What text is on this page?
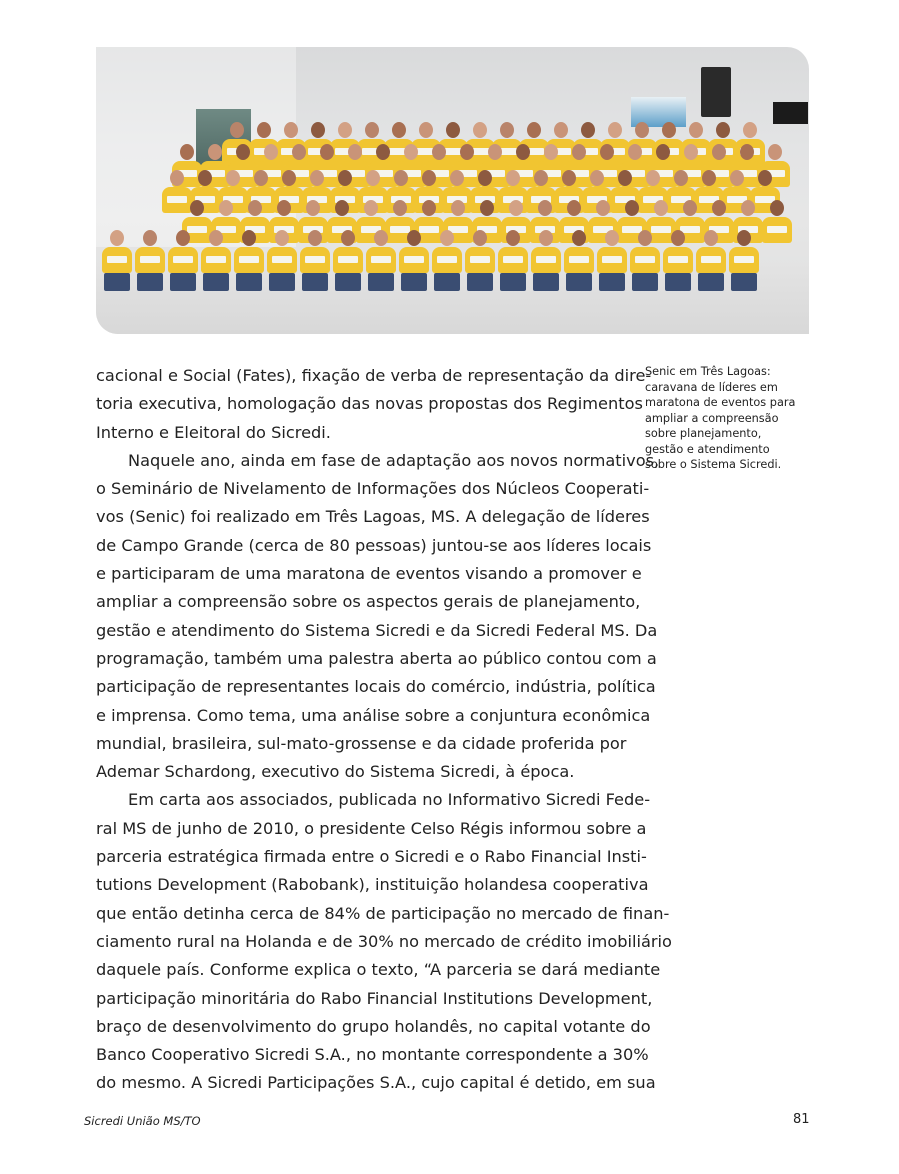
cacional e Social (Fates), fixação de verba de representação da dire-
toria executiva, homologação das novas propostas dos Regimentos
Interno e Eleitoral do Sicredi.

Naquele ano, ainda em fase de adaptação aos novos normativos,
o Seminário de Nivelamento de Informações dos Núcleos Cooperati-
vos (Senic) foi realizado em Três Lagoas, MS. A delegação de líderes
de Campo Grande (cerca de 80 pessoas) juntou-se aos líderes locais
e participaram de uma maratona de eventos visando a promover e
ampliar a compreensão sobre os aspectos gerais de planejamento,
gestão e atendimento do Sistema Sicredi e da Sicredi Federal MS. Da
programação, também uma palestra aberta ao público contou com a
participação de representantes locais do comércio, indústria, política
e imprensa. Como tema, uma análise sobre a conjuntura econômica
mundial, brasileira, sul-mato-grossense e da cidade proferida por
Ademar Schardong, executivo do Sistema Sicredi, à época.

Em carta aos associados, publicada no Informativo Sicredi Fede-
ral MS de junho de 2010, o presidente Celso Régis informou sobre a
parceria estratégica firmada entre o Sicredi e o Rabo Financial Insti-
tutions Development (Rabobank), instituição holandesa cooperativa
que então detinha cerca de 84% de participação no mercado de finan-
ciamento rural na Holanda e de 30% no mercado de crédito imobiliário
daquele país. Conforme explica o texto, “A parceria se dará mediante
participação minoritária do Rabo Financial Institutions Development,
braço de desenvolvimento do grupo holandês, no capital votante do
Banco Cooperativo Sicredi S.A., no montante correspondente a 30%
do mesmo. A Sicredi Participações S.A., cujo capital é detido, em sua

Senic em Três Lagoas:
caravana de líderes em
maratona de eventos para
ampliar a compreensão
sobre planejamento,
gestão e atendimento
sobre o Sistema Sicredi.
Sicredi União MS/TO	81
